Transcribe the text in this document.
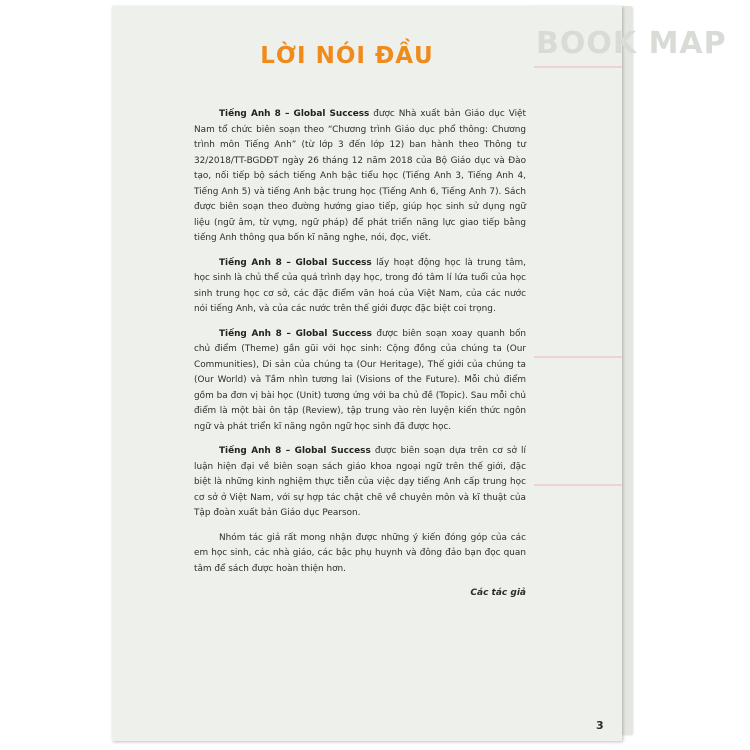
BOOK MAP
LỜI NÓI ĐẦU

Tiếng Anh 8 – Global Success được Nhà xuất bản Giáo dục Việt Nam tổ chức biên soạn theo “Chương trình Giáo dục phổ thông: Chương trình môn Tiếng Anh” (từ lớp 3 đến lớp 12) ban hành theo Thông tư 32/2018/TT-BGDĐT ngày 26 tháng 12 năm 2018 của Bộ Giáo dục và Đào tạo, nối tiếp bộ sách tiếng Anh bậc tiểu học (Tiếng Anh 3, Tiếng Anh 4, Tiếng Anh 5) và tiếng Anh bậc trung học (Tiếng Anh 6, Tiếng Anh 7). Sách được biên soạn theo đường hướng giao tiếp, giúp học sinh sử dụng ngữ liệu (ngữ âm, từ vựng, ngữ pháp) để phát triển năng lực giao tiếp bằng tiếng Anh thông qua bốn kĩ năng nghe, nói, đọc, viết.

Tiếng Anh 8 – Global Success lấy hoạt động học là trung tâm, học sinh là chủ thể của quá trình dạy học, trong đó tâm lí lứa tuổi của học sinh trung học cơ sở, các đặc điểm văn hoá của Việt Nam, của các nước nói tiếng Anh, và của các nước trên thế giới được đặc biệt coi trọng.

Tiếng Anh 8 – Global Success được biên soạn xoay quanh bốn chủ điểm (Theme) gần gũi với học sinh: Cộng đồng của chúng ta (Our Communities), Di sản của chúng ta (Our Heritage), Thế giới của chúng ta (Our World) và Tầm nhìn tương lai (Visions of the Future). Mỗi chủ điểm gồm ba đơn vị bài học (Unit) tương ứng với ba chủ đề (Topic). Sau mỗi chủ điểm là một bài ôn tập (Review), tập trung vào rèn luyện kiến thức ngôn ngữ và phát triển kĩ năng ngôn ngữ học sinh đã được học.

Tiếng Anh 8 – Global Success được biên soạn dựa trên cơ sở lí luận hiện đại về biên soạn sách giáo khoa ngoại ngữ trên thế giới, đặc biệt là những kinh nghiệm thực tiễn của việc dạy tiếng Anh cấp trung học cơ sở ở Việt Nam, với sự hợp tác chặt chẽ về chuyên môn và kĩ thuật của Tập đoàn xuất bản Giáo dục Pearson.

Nhóm tác giả rất mong nhận được những ý kiến đóng góp của các em học sinh, các nhà giáo, các bậc phụ huynh và đông đảo bạn đọc quan tâm để sách được hoàn thiện hơn.

Các tác giả
3
